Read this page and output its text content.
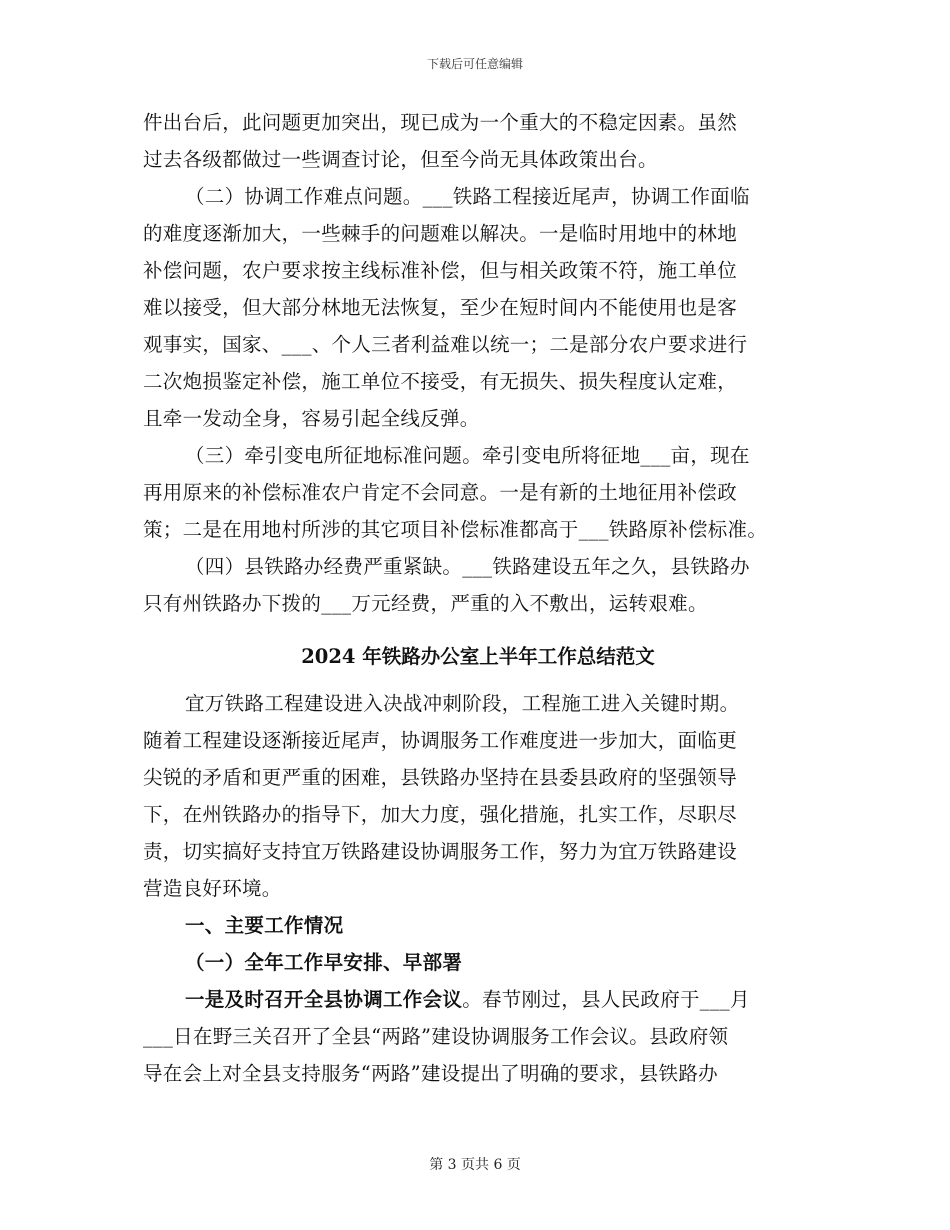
下载后可任意编辑
件出台后，此问题更加突出，现已成为一个重大的不稳定因素。虽然
过去各级都做过一些调查讨论，但至今尚无具体政策出台。
（二）协调工作难点问题。___铁路工程接近尾声，协调工作面临
的难度逐渐加大，一些棘手的问题难以解决。一是临时用地中的林地
补偿问题，农户要求按主线标准补偿，但与相关政策不符，施工单位
难以接受，但大部分林地无法恢复，至少在短时间内不能使用也是客
观事实，国家、___、个人三者利益难以统一；二是部分农户要求进行
二次炮损鉴定补偿，施工单位不接受，有无损失、损失程度认定难，
且牵一发动全身，容易引起全线反弹。
（三）牵引变电所征地标准问题。牵引变电所将征地___亩，现在
再用原来的补偿标准农户肯定不会同意。一是有新的土地征用补偿政
策；二是在用地村所涉的其它项目补偿标准都高于___铁路原补偿标准。
（四）县铁路办经费严重紧缺。___铁路建设五年之久，县铁路办
只有州铁路办下拨的___万元经费，严重的入不敷出，运转艰难。
2024 年铁路办公室上半年工作总结范文
宜万铁路工程建设进入决战冲刺阶段，工程施工进入关键时期。
随着工程建设逐渐接近尾声，协调服务工作难度进一步加大，面临更
尖锐的矛盾和更严重的困难，县铁路办坚持在县委县政府的坚强领导
下，在州铁路办的指导下，加大力度，强化措施，扎实工作，尽职尽
责，切实搞好支持宜万铁路建设协调服务工作，努力为宜万铁路建设
营造良好环境。
一、主要工作情况
（一）全年工作早安排、早部署
一是及时召开全县协调工作会议。春节刚过，县人民政府于___月
___日在野三关召开了全县“两路”建设协调服务工作会议。县政府领
导在会上对全县支持服务“两路”建设提出了明确的要求，县铁路办
第 3 页共 6 页
